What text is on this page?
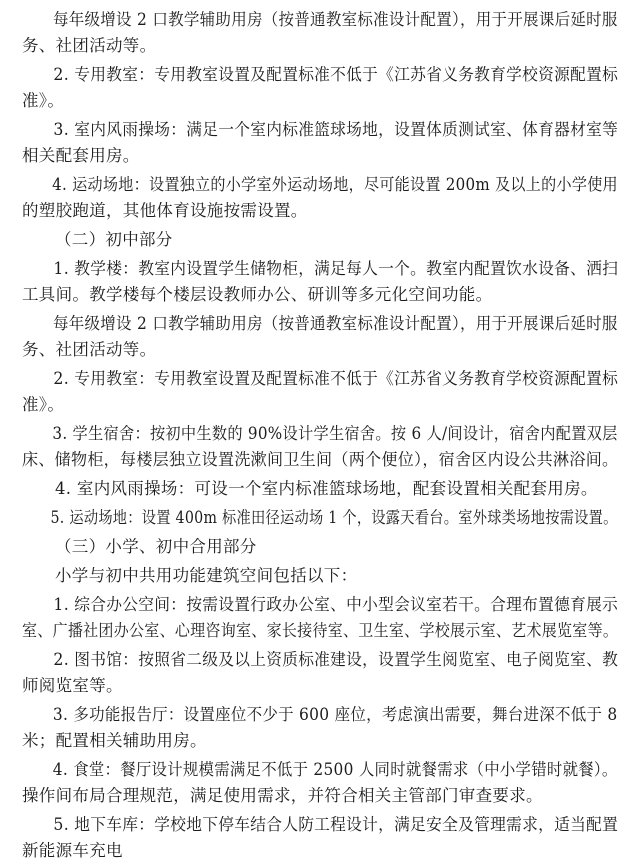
每年级增设 2 口教学辅助用房（按普通教室标准设计配置），用于开展课后延时服
务、社团活动等。
2. 专用教室：专用教室设置及配置标准不低于《江苏省义务教育学校资源配置标
准》。
3. 室内风雨操场：满足一个室内标准篮球场地，设置体质测试室、体育器材室等
相关配套用房。
4. 运动场地：设置独立的小学室外运动场地，尽可能设置 200m 及以上的小学使用
的塑胶跑道，其他体育设施按需设置。
（二）初中部分
1. 教学楼：教室内设置学生储物柜，满足每人一个。教室内配置饮水设备、洒扫
工具间。教学楼每个楼层设教师办公、研训等多元化空间功能。
每年级增设 2 口教学辅助用房（按普通教室标准设计配置），用于开展课后延时服
务、社团活动等。
2. 专用教室：专用教室设置及配置标准不低于《江苏省义务教育学校资源配置标
准》。
3. 学生宿舍：按初中生数的 90%设计学生宿舍。按 6 人/间设计，宿舍内配置双层
床、储物柜，每楼层独立设置洗漱间卫生间（两个便位），宿舍区内设公共淋浴间。
4. 室内风雨操场：可设一个室内标准篮球场地，配套设置相关配套用房。
5. 运动场地：设置 400m 标准田径运动场 1 个，设露天看台。室外球类场地按需设置。
（三）小学、初中合用部分
小学与初中共用功能建筑空间包括以下：
1. 综合办公空间：按需设置行政办公室、中小型会议室若干。合理布置德育展示
室、广播社团办公室、心理咨询室、家长接待室、卫生室、学校展示室、艺术展览室等。
2. 图书馆：按照省二级及以上资质标准建设，设置学生阅览室、电子阅览室、教
师阅览室等。
3. 多功能报告厅：设置座位不少于 600 座位，考虑演出需要，舞台进深不低于 8
米；配置相关辅助用房。
4. 食堂：餐厅设计规模需满足不低于 2500 人同时就餐需求（中小学错时就餐）。
操作间布局合理规范，满足使用需求，并符合相关主管部门审查要求。
5. 地下车库：学校地下停车结合人防工程设计，满足安全及管理需求，适当配置
新能源车充电
